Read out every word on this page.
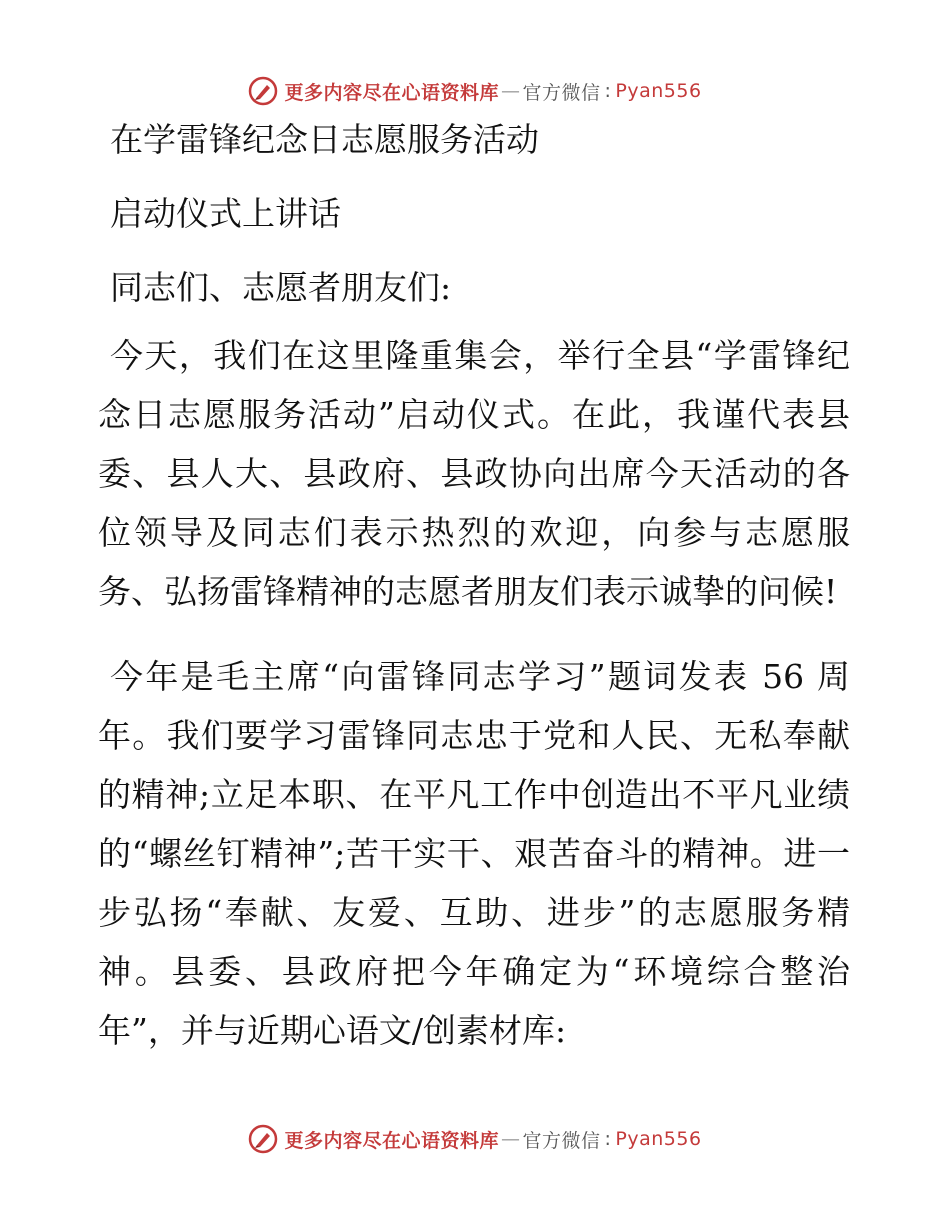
更多内容尽在心语资料库 — 官方微信 : Pyan556
在学雷锋纪念日志愿服务活动
启动仪式上讲话
同志们、志愿者朋友们:

今天，我们在这里隆重集会，举行全县“学雷锋纪念日志愿服务活动”启动仪式。在此，我谨代表县委、县人大、县政府、县政协向出席今天活动的各位领导及同志们表示热烈的欢迎，向参与志愿服务、弘扬雷锋精神的志愿者朋友们表示诚挚的问候!

今年是毛主席“向雷锋同志学习”题词发表 56 周年。我们要学习雷锋同志忠于党和人民、无私奉献的精神;立足本职、在平凡工作中创造出不平凡业绩的“螺丝钉精神”;苦干实干、艰苦奋斗的精神。进一步弘扬“奉献、友爱、互助、进步”的志愿服务精神。县委、县政府把今年确定为“环境综合整治年”，并与近期心语文/创素材库:

更多内容尽在心语资料库 — 官方微信 : Pyan556
